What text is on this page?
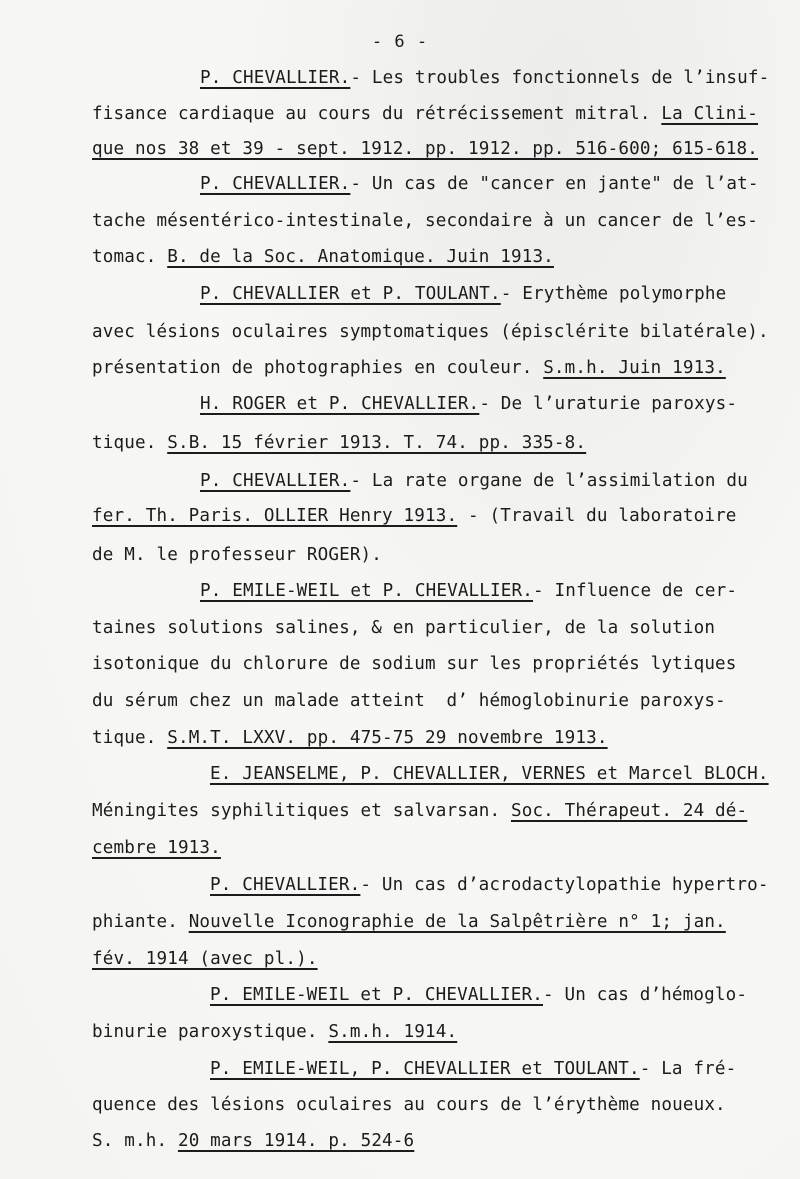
- 6 -
P. CHEVALLIER.- Les troubles fonctionnels de l’insuf-
fisance cardiaque au cours du rétrécissement mitral. La Clini-
que nos 38 et 39 - sept. 1912. pp. 1912. pp. 516-600; 615-618.
P. CHEVALLIER.- Un cas de "cancer en jante" de l’at-
tache mésentérico-intestinale, secondaire à un cancer de l’es-
tomac. B. de la Soc. Anatomique. Juin 1913.
P. CHEVALLIER et P. TOULANT.- Erythème polymorphe
avec lésions oculaires symptomatiques (épisclérite bilatérale).
présentation de photographies en couleur. S.m.h. Juin 1913.
H. ROGER et P. CHEVALLIER.- De l’uraturie paroxys-
tique. S.B. 15 février 1913. T. 74. pp. 335-8.
P. CHEVALLIER.- La rate organe de l’assimilation du
fer. Th. Paris. OLLIER Henry 1913. - (Travail du laboratoire
de M. le professeur ROGER).
P. EMILE-WEIL et P. CHEVALLIER.- Influence de cer-
taines solutions salines, & en particulier, de la solution
isotonique du chlorure de sodium sur les propriétés lytiques
du sérum chez un malade atteint  d’ hémoglobinurie paroxys-
tique. S.M.T. LXXV. pp. 475-75 29 novembre 1913.
E. JEANSELME, P. CHEVALLIER, VERNES et Marcel BLOCH.
Méningites syphilitiques et salvarsan. Soc. Thérapeut. 24 dé-
cembre 1913.
P. CHEVALLIER.- Un cas d’acrodactylopathie hypertro-
phiante. Nouvelle Iconographie de la Salpêtrière n° 1; jan.
fév. 1914 (avec pl.).
P. EMILE-WEIL et P. CHEVALLIER.- Un cas d’hémoglo-
binurie paroxystique. S.m.h. 1914.
P. EMILE-WEIL, P. CHEVALLIER et TOULANT.- La fré-
quence des lésions oculaires au cours de l’érythème noueux.
S. m.h. 20 mars 1914. p. 524-6
